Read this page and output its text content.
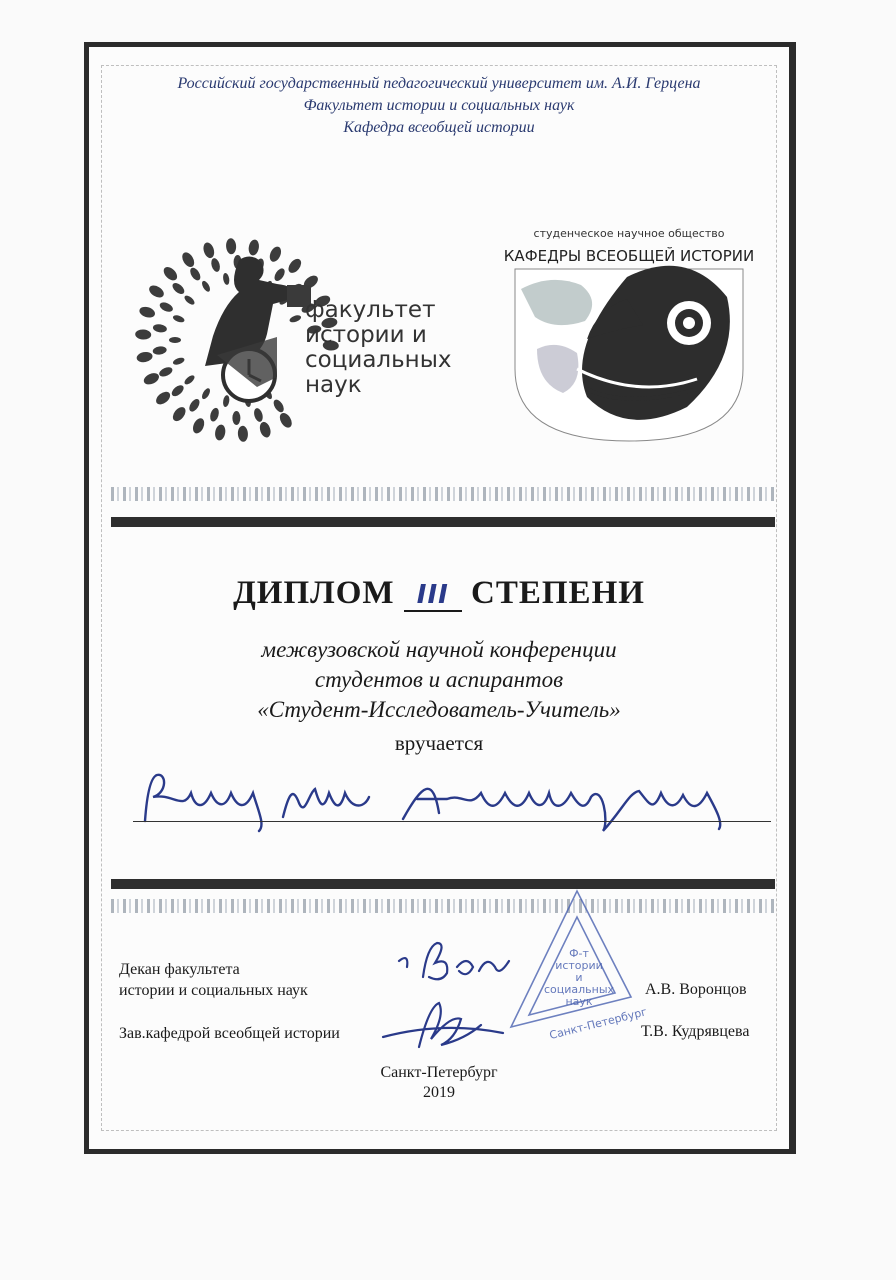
Российский государственный педагогический университет им. А.И. Герцена
Факультет истории и социальных наук
Кафедра всеобщей истории
факультет
истории и
социальных
наук
студенческое научное общество
КАФЕДРЫ ВСЕОБЩЕЙ ИСТОРИИ
ДИПЛОМ III СТЕПЕНИ
межвузовской научной конференции
студентов и аспирантов
«Студент-Исследователь-Учитель»
вручается
Декан факультета
истории и социальных наук	А.В. Воронцов
Зав.кафедрой всеобщей истории	Т.В. Кудрявцева
Ф-т
истории
и
социальных
наук
Санкт-Петербург
Санкт-Петербург
2019
